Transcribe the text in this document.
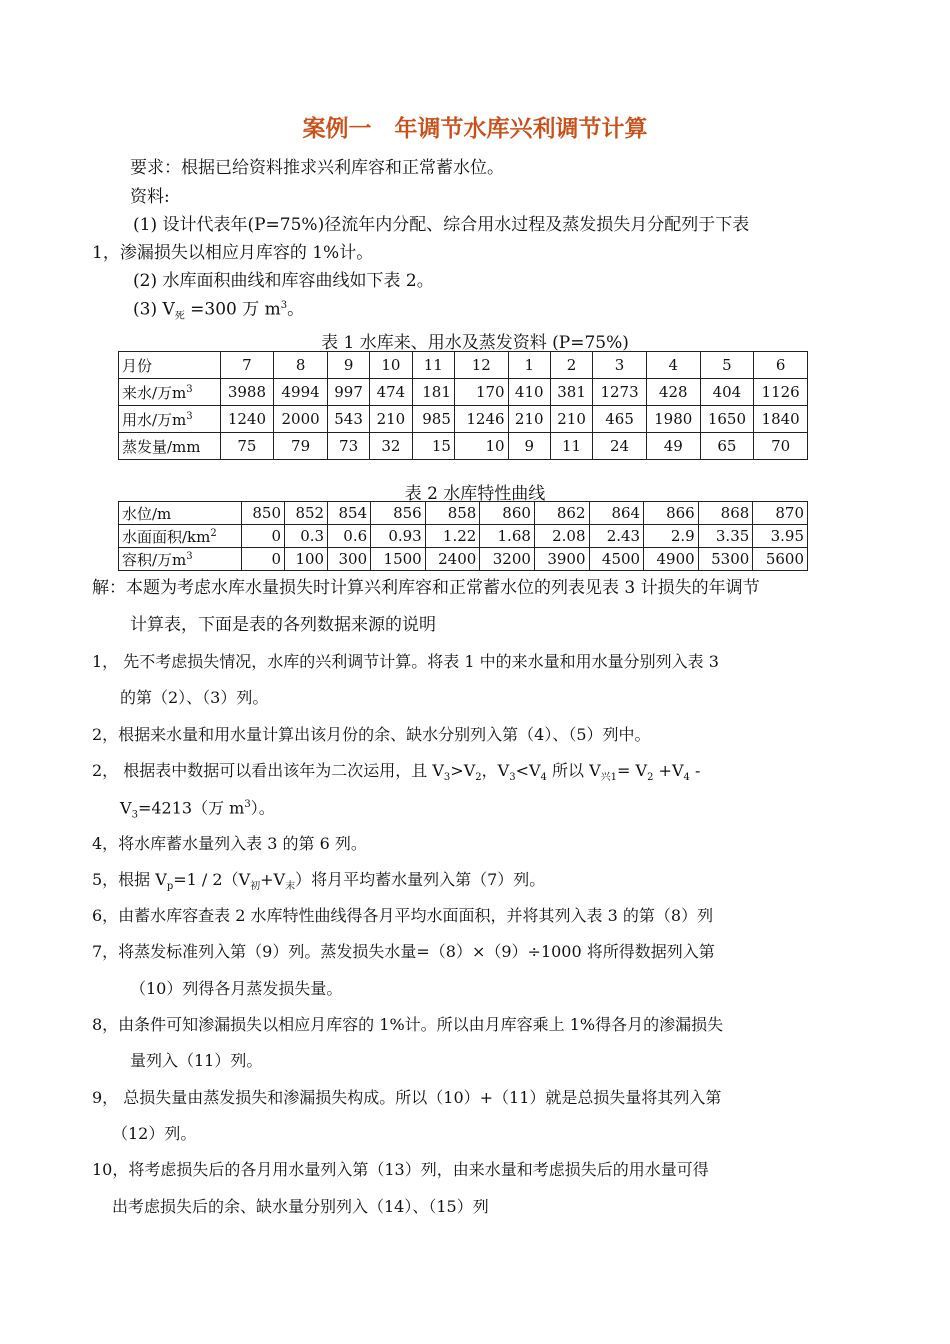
案例一　年调节水库兴利调节计算
要求：根据已给资料推求兴利库容和正常蓄水位。
资料:
(1) 设计代表年(P=75%)径流年内分配、综合用水过程及蒸发损失月分配列于下表
1，渗漏损失以相应月库容的 1%计。
(2) 水库面积曲线和库容曲线如下表 2。
(3) $V_死 =300$ 万 $m^3$。
表 1 水库来、用水及蒸发资料 (P=75%)
月份	7	8	9	10	11	12	1	2	3	4	5	6
来水/万$m^3$	3988	4994	997	474	181	170	410	381	1273	428	404	1126
用水/万$m^3$	1240	2000	543	210	985	1246	210	210	465	1980	1650	1840
蒸发量/mm	75	79	73	32	15	10	9	11	24	49	65	70
表 2 水库特性曲线
水位/m	850	852	854	856	858	860	862	864	866	868	870
水面面积$/km^2$	0	0.3	0.6	0.93	1.22	1.68	2.08	2.43	2.9	3.35	3.95
容积/万$m^3$	0	100	300	1500	2400	3200	3900	4500	4900	5300	5600
解：本题为考虑水库水量损失时计算兴利库容和正常蓄水位的列表见表 3 计损失的年调节
计算表，下面是表的各列数据来源的说明
1， 先不考虑损失情况，水库的兴利调节计算。将表 1 中的来水量和用水量分别列入表 3
的第（2）、（3）列。
2，根据来水量和用水量计算出该月份的余、缺水分别列入第（4）、（5）列中。
2， 根据表中数据可以看出该年为二次运用，且 $V_3>V_2$，$V_3<V_4$ 所以 $V_{兴1}= V_2 +V_4$ -
$V_3=4213$（万 $m^3$）。
4，将水库蓄水量列入表 3 的第 6 列。
5，根据 $V_p=1 / 2(V_初+V_末)$将月平均蓄水量列入第（7）列。
6，由蓄水库容查表 2 水库特性曲线得各月平均水面面积，并将其列入表 3 的第（8）列
7，将蒸发标准列入第（9）列。蒸发损失水量=（8）×（9）÷1000 将所得数据列入第
（10）列得各月蒸发损失量。
8，由条件可知渗漏损失以相应月库容的 1%计。所以由月库容乘上 1%得各月的渗漏损失
量列入（11）列。
9， 总损失量由蒸发损失和渗漏损失构成。所以（10）+（11）就是总损失量将其列入第
（12）列。
10，将考虑损失后的各月用水量列入第（13）列，由来水量和考虑损失后的用水量可得
出考虑损失后的余、缺水量分别列入（14）、（15）列
